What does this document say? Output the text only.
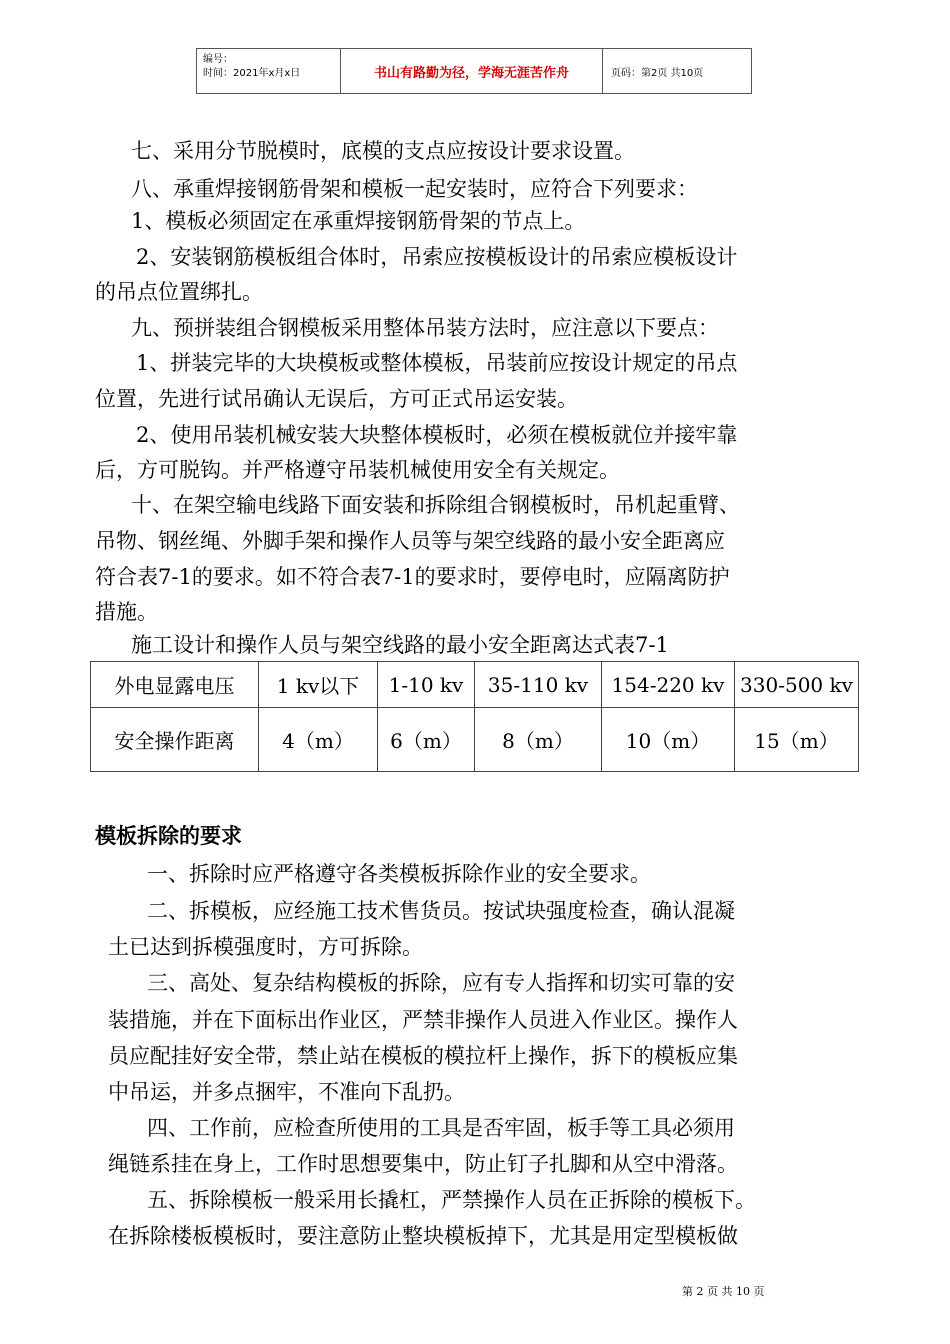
编号：
时间：2021年x月x日	书山有路勤为径，学海无涯苦作舟	页码：第2页 共10页
七、采用分节脱模时，底模的支点应按设计要求设置。
八、承重焊接钢筋骨架和模板一起安装时，应符合下列要求：
1、模板必须固定在承重焊接钢筋骨架的节点上。
2、安装钢筋模板组合体时，吊索应按模板设计的吊索应模板设计
的吊点位置绑扎。
九、预拼装组合钢模板采用整体吊装方法时，应注意以下要点：
1、拼装完毕的大块模板或整体模板，吊装前应按设计规定的吊点
位置，先进行试吊确认无误后，方可正式吊运安装。
2、使用吊装机械安装大块整体模板时，必须在模板就位并接牢靠
后，方可脱钩。并严格遵守吊装机械使用安全有关规定。
十、在架空输电线路下面安装和拆除组合钢模板时，吊机起重臂、
吊物、钢丝绳、外脚手架和操作人员等与架空线路的最小安全距离应
符合表7-1的要求。如不符合表7-1的要求时，要停电时，应隔离防护
措施。
施工设计和操作人员与架空线路的最小安全距离达式表7-1
外电显露电压	1 kv以下	1-10 kv	35-110 kv	154-220 kv	330-500 kv
安全操作距离	4（m）	6（m）	8（m）	10（m）	15（m）
模板拆除的要求
一、拆除时应严格遵守各类模板拆除作业的安全要求。
二、拆模板，应经施工技术售货员。按试块强度检查，确认混凝
土已达到拆模强度时，方可拆除。
三、高处、复杂结构模板的拆除，应有专人指挥和切实可靠的安
装措施，并在下面标出作业区，严禁非操作人员进入作业区。操作人
员应配挂好安全带，禁止站在模板的模拉杆上操作，拆下的模板应集
中吊运，并多点捆牢，不准向下乱扔。
四、工作前，应检查所使用的工具是否牢固，板手等工具必须用
绳链系挂在身上，工作时思想要集中，防止钉子扎脚和从空中滑落。
五、拆除模板一般采用长撬杠，严禁操作人员在正拆除的模板下。
在拆除楼板模板时，要注意防止整块模板掉下，尤其是用定型模板做
第 2 页 共 10 页
